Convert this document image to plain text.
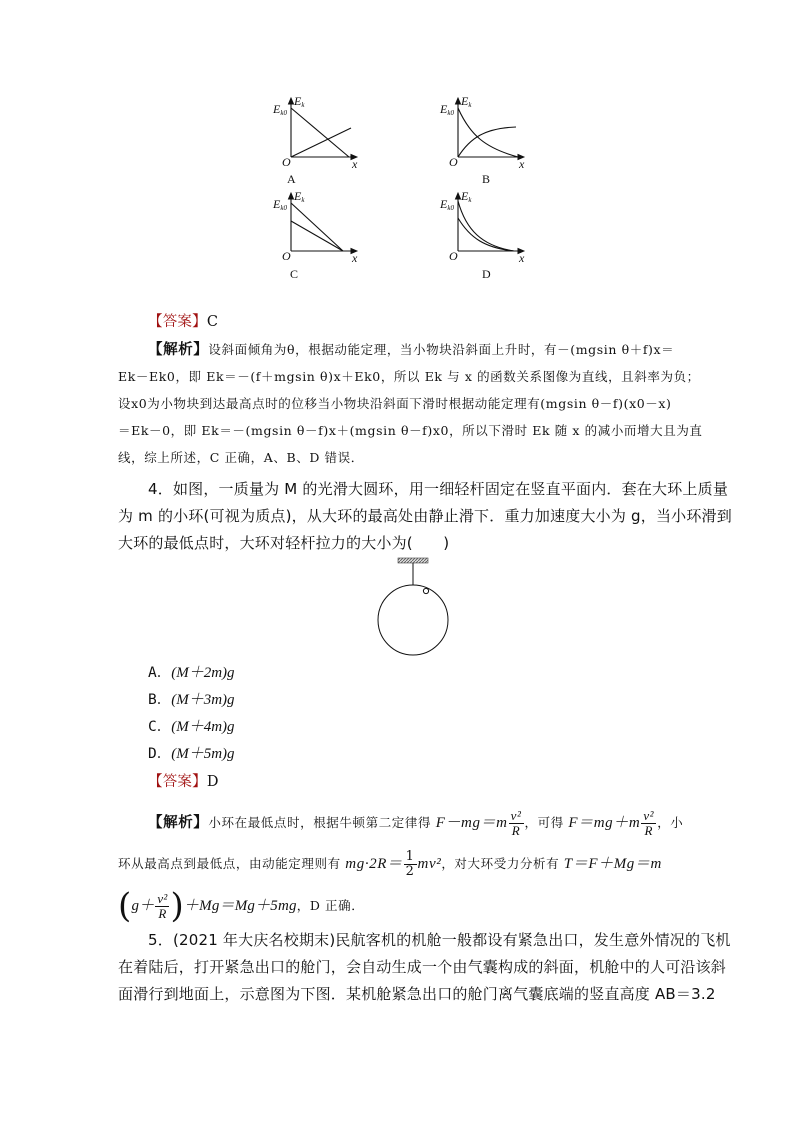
Ek
Ek0
O	x
A
Ek
Ek0
O	x
B
Ek
Ek0
O	x
C
Ek
Ek0
O	x
D
【答案】C
【解析】设斜面倾角为θ，根据动能定理，当小物块沿斜面上升时，有－(mgsin θ＋f)x＝
Ek－Ek0，即 Ek＝－(f＋mgsin θ)x＋Ek0，所以 Ek 与 x 的函数关系图像为直线，且斜率为负；
设x0为小物块到达最高点时的位移当小物块沿斜面下滑时根据动能定理有(mgsin θ－f)(x0－x)
＝Ek－0，即 Ek＝－(mgsin θ－f)x＋(mgsin θ－f)x0，所以下滑时 Ek 随 x 的减小而增大且为直
线，综上所述，C 正确，A、B、D 错误．
4．如图，一质量为 M 的光滑大圆环，用一细轻杆固定在竖直平面内．套在大环上质量
为 m 的小环(可视为质点)，从大环的最高处由静止滑下．重力加速度大小为 g，当小环滑到
大环的最低点时，大环对轻杆拉力的大小为(　　)
A．(M＋2m)g
B．(M＋3m)g
C．(M＋4m)g
D．(M＋5m)g
【答案】D
【解析】小环在最低点时，根据牛顿第二定律得 $F-mg=m \frac{\text{v²}}{R}$ ，可得 $F=mg+m \frac{\text{v²}}{R}$ ，小
环从最高点到最低点，由动能定理则有 $mg\cdot 2R= \frac{1}{2} mv^2$，对大环受力分析有 T＝F＋Mg＝m
$(g+ \frac{\text{v²}}{R} )+Mg=Mg+5mg$，D 正确．
5．(2021 年大庆名校期末)民航客机的机舱一般都设有紧急出口，发生意外情况的飞机
在着陆后，打开紧急出口的舱门，会自动生成一个由气囊构成的斜面，机舱中的人可沿该斜
面滑行到地面上，示意图为下图．某机舱紧急出口的舱门离气囊底端的竖直高度 AB＝3.2
